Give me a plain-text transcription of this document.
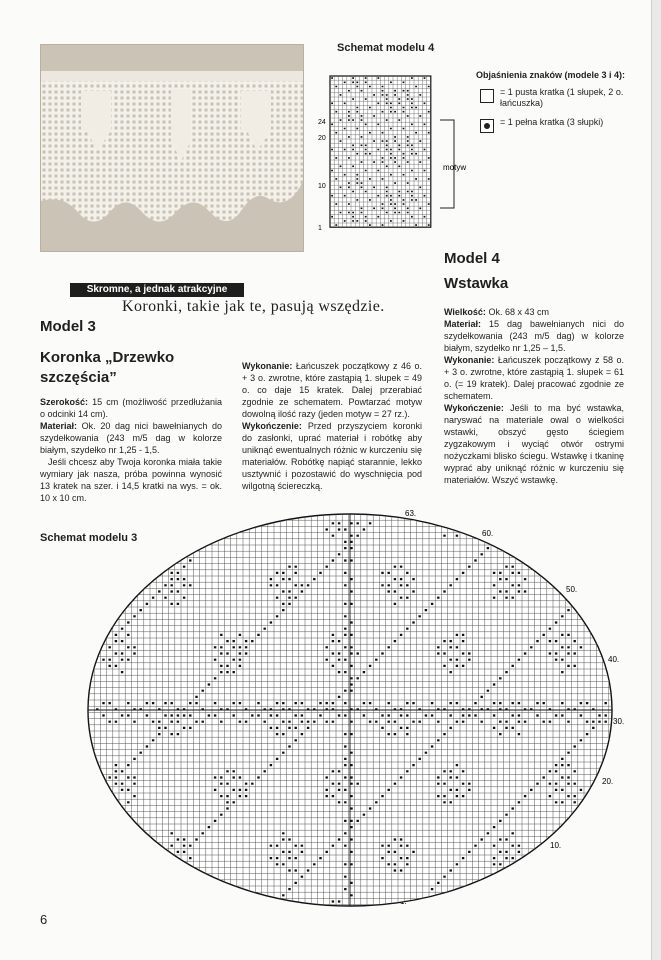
Schemat modelu 4
24
20
10
1
motyw
Objaśnienia znaków (modele 3 i 4):
= 1 pusta kratka (1 słupek, 2 o. łańcuszka)
= 1 pełna kratka (3 słupki)
Skromne, a jednak atrakcyjne
Koronki, takie jak te, pasują wszędzie.
Model 3
Koronka „Drzewko
szczęścia”
Szerokość: 15 cm (możliwość przedłużania o odcinki 14 cm).
Materiał: Ok. 20 dag nici bawełnianych do szydełkowania (243 m/5 dag w kolorze białym, szydełko nr 1,25 - 1,5.
Jeśli chcesz aby Twoja koronka miała takie wymiary jak nasza, próba powinna wynosić 13 kratek na szer. i 14,5 kratki na wys. = ok. 10 x 10 cm.
Wykonanie: Łańcuszek początkowy z 46 o. + 3 o. zwrotne, które zastąpią 1. słupek = 49 o. co daje 15 kratek. Dalej przerabiać zgodnie ze schematem. Powtarzać motyw dowolną ilość razy (jeden motyw = 27 rz.).
Wykończenie: Przed przyszyciem koronki do zasłonki, uprać materiał i robótkę aby uniknąć ewentualnych różnic w kurczeniu się materiałów. Robótkę napiąć starannie, lekko usztywnić i pozostawić do wyschnięcia pod wilgotną ściereczką.
Model 4
Wstawka
Wielkość: Ok. 68 x 43 cm
Materiał: 15 dag bawełnianych nici do szydełkowania (243 m/5 dag) w kolorze białym, szydełko nr 1,25 – 1,5.
Wykonanie: Łańcuszek początkowy z 58 o. + 3 o. zwrotne, które zastąpią 1. słupek = 61 o. (= 19 kratek). Dalej pracować zgodnie ze schematem.
Wykończenie: Jeśli to ma być wstawka, naryswać na materiale owal o wielkości wstawki, obszyć gęsto ściegiem zygzakowym i wyciąć otwór ostrymi nożyczkami blisko ściegu. Wstawkę i tkaninę wyprać aby uniknąć różnic w kurczeniu się materiałów. Wszyć wstawkę.
Schemat modelu 3
63.
60.
50.
40.
30.
20.
10.
6
